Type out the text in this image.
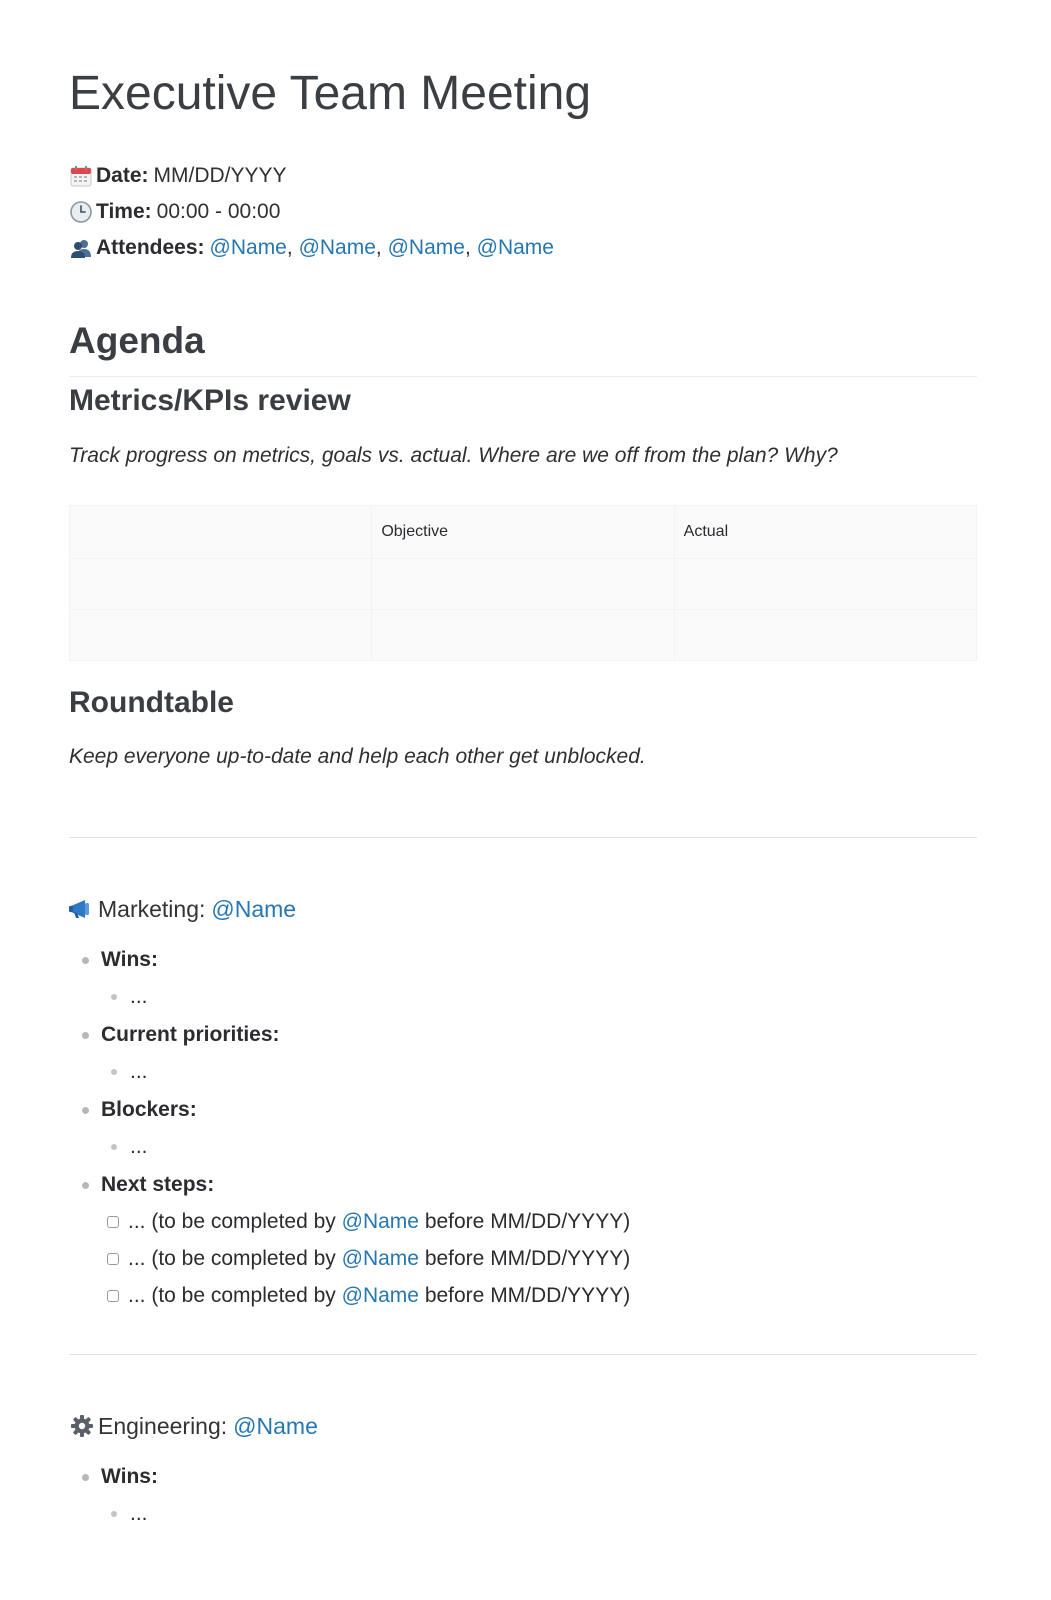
Executive Team Meeting
Date: MM/DD/YYYY
Time: 00:00 - 00:00
Attendees: @Name ,
@Name ,
@Name ,
@Name
Agenda
Metrics/KPIs review
Track progress on metrics, goals vs. actual. Where are we off from the plan? Why?
	Objective	Actual

Roundtable
Keep everyone up-to-date and help each other get unblocked.
Marketing: @Name
Wins:
...
Current priorities:
...
Blockers:
...
Next steps:
... (to be completed by
@Name
before MM/DD/YYYY)
... (to be completed by
@Name
before MM/DD/YYYY)
... (to be completed by
@Name
before MM/DD/YYYY)
Engineering: @Name
Wins:
...
